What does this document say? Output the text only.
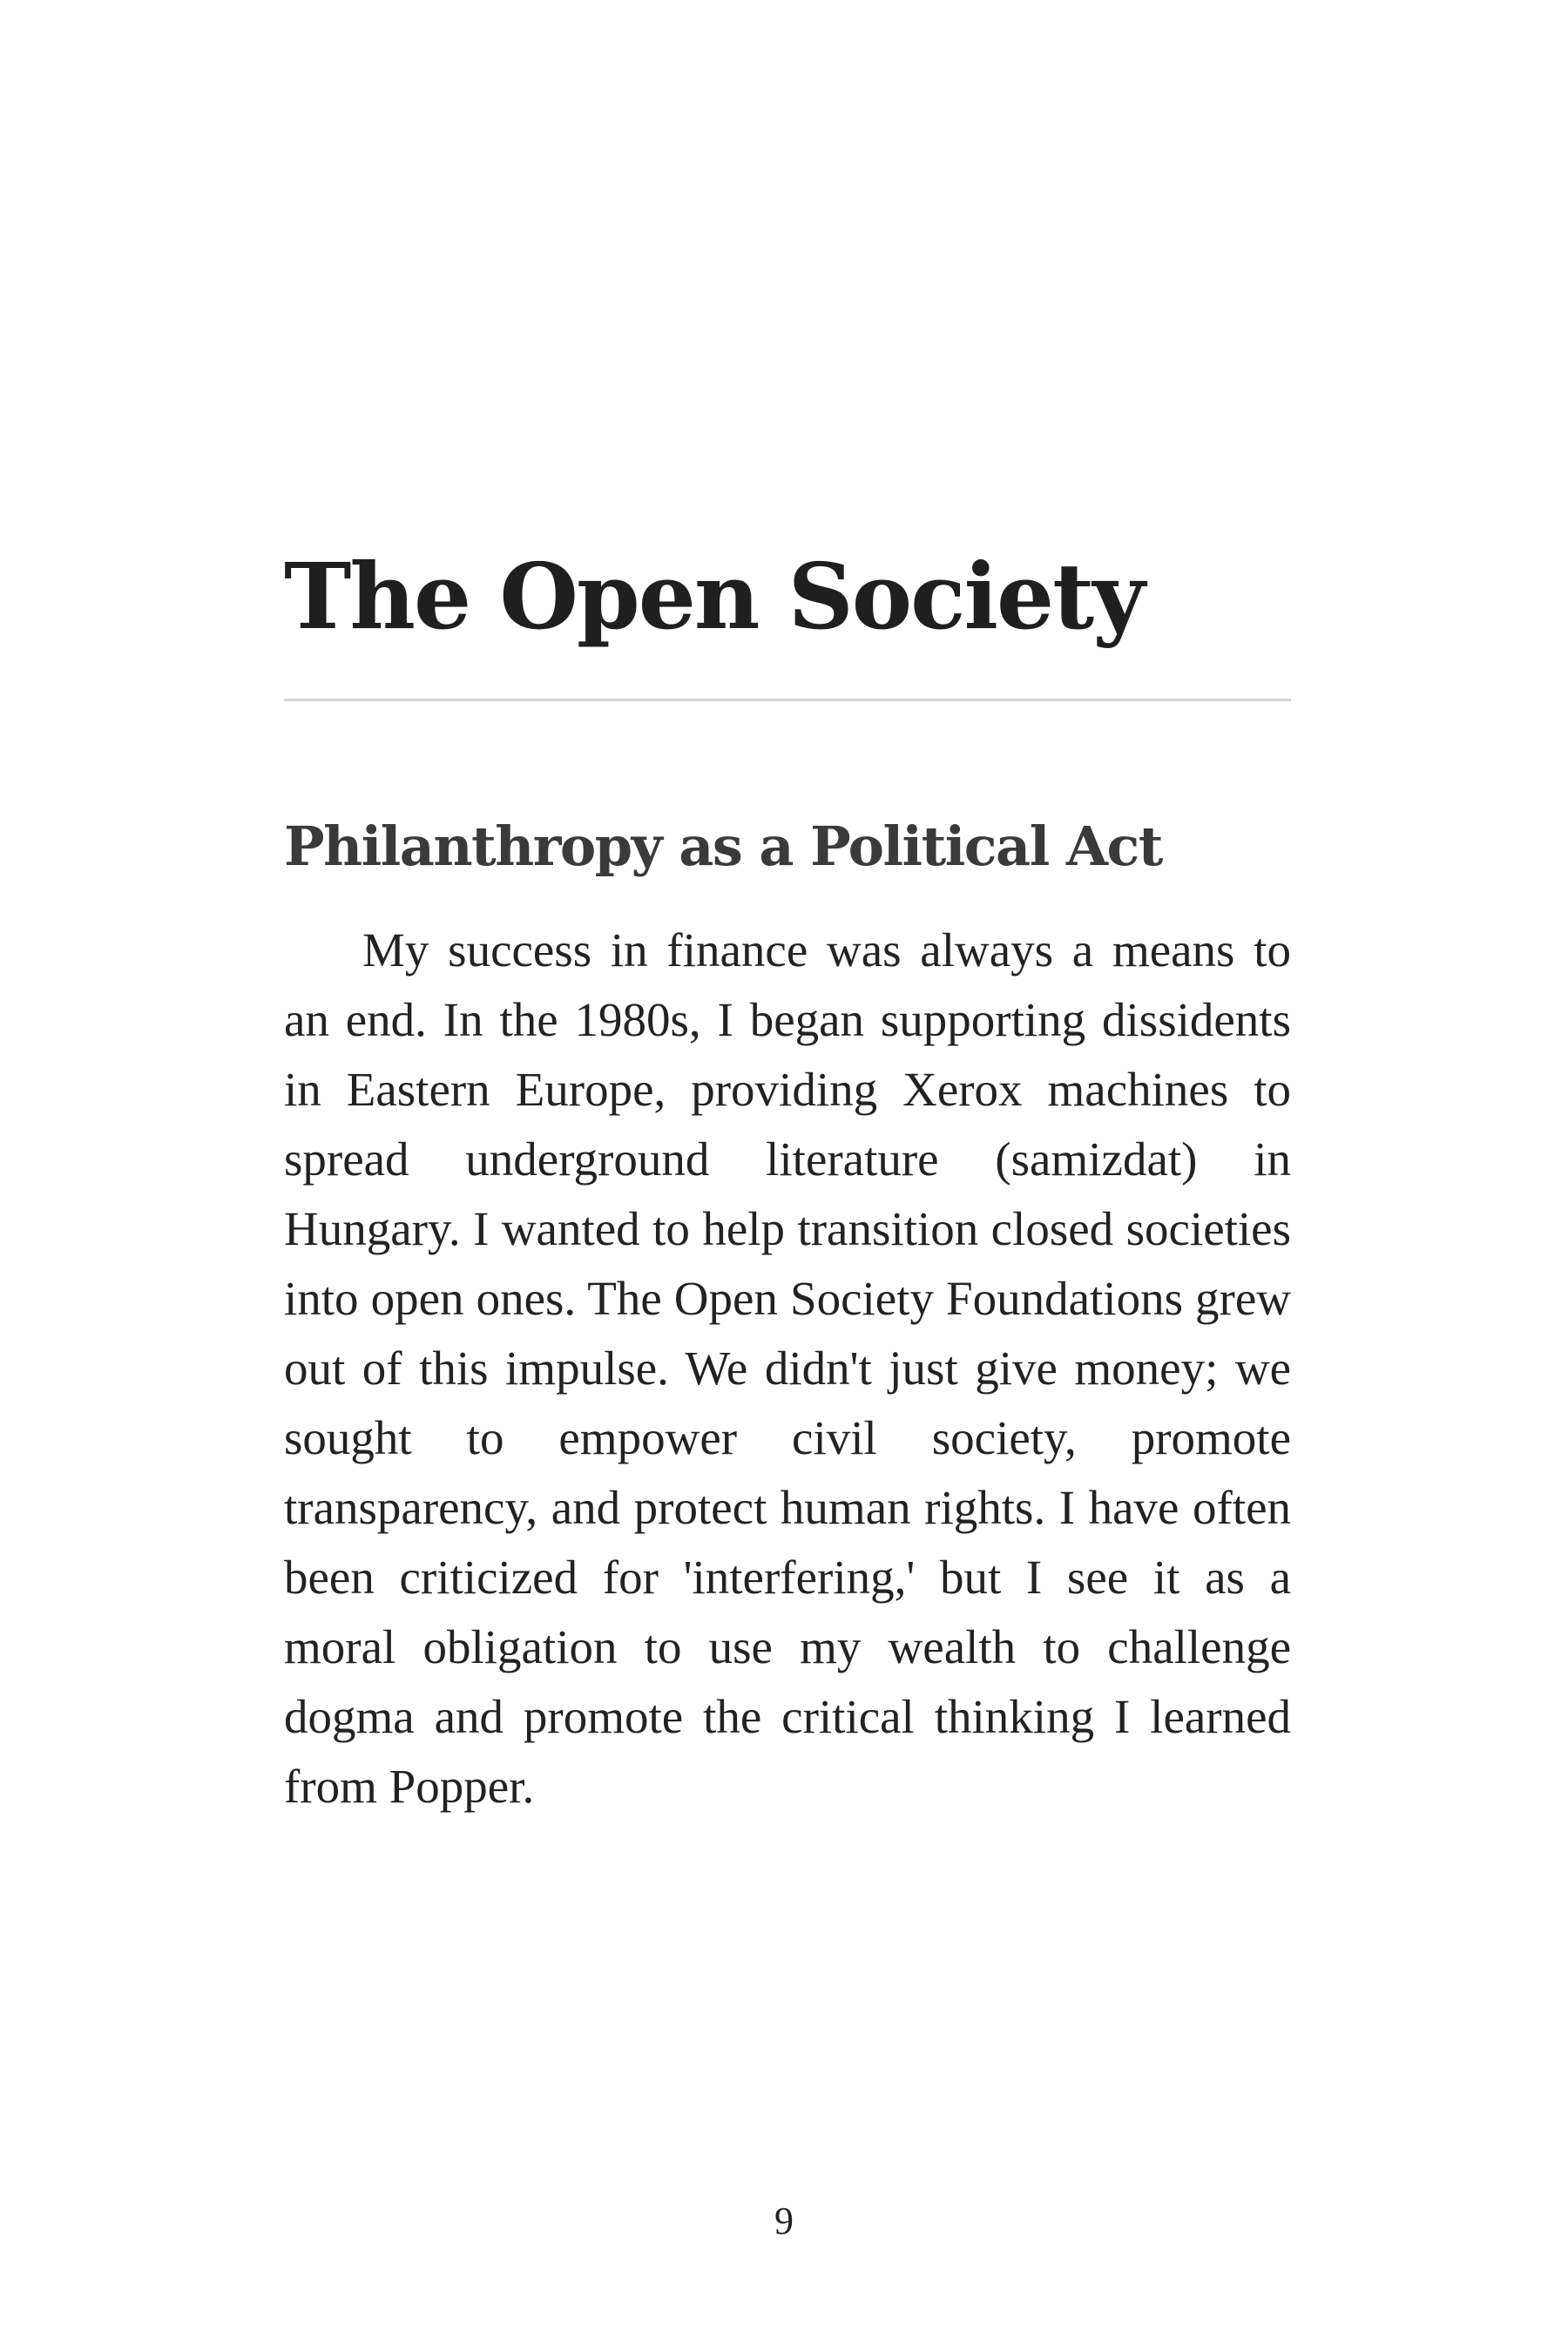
The Open Society
Philanthropy as a Political Act

My success in finance was always a means to an end. In the 1980s, I began supporting dissidents in Eastern Europe, providing Xerox machines to spread underground literature (samizdat) in Hungary. I wanted to help transition closed societies into open ones. The Open Society Foundations grew out of this impulse. We didn't just give money; we sought to empower civil society, promote transparency, and protect human rights. I have often been criticized for 'interfering,' but I see it as a moral obligation to use my wealth to challenge dogma and promote the critical thinking I learned from Popper.

9
